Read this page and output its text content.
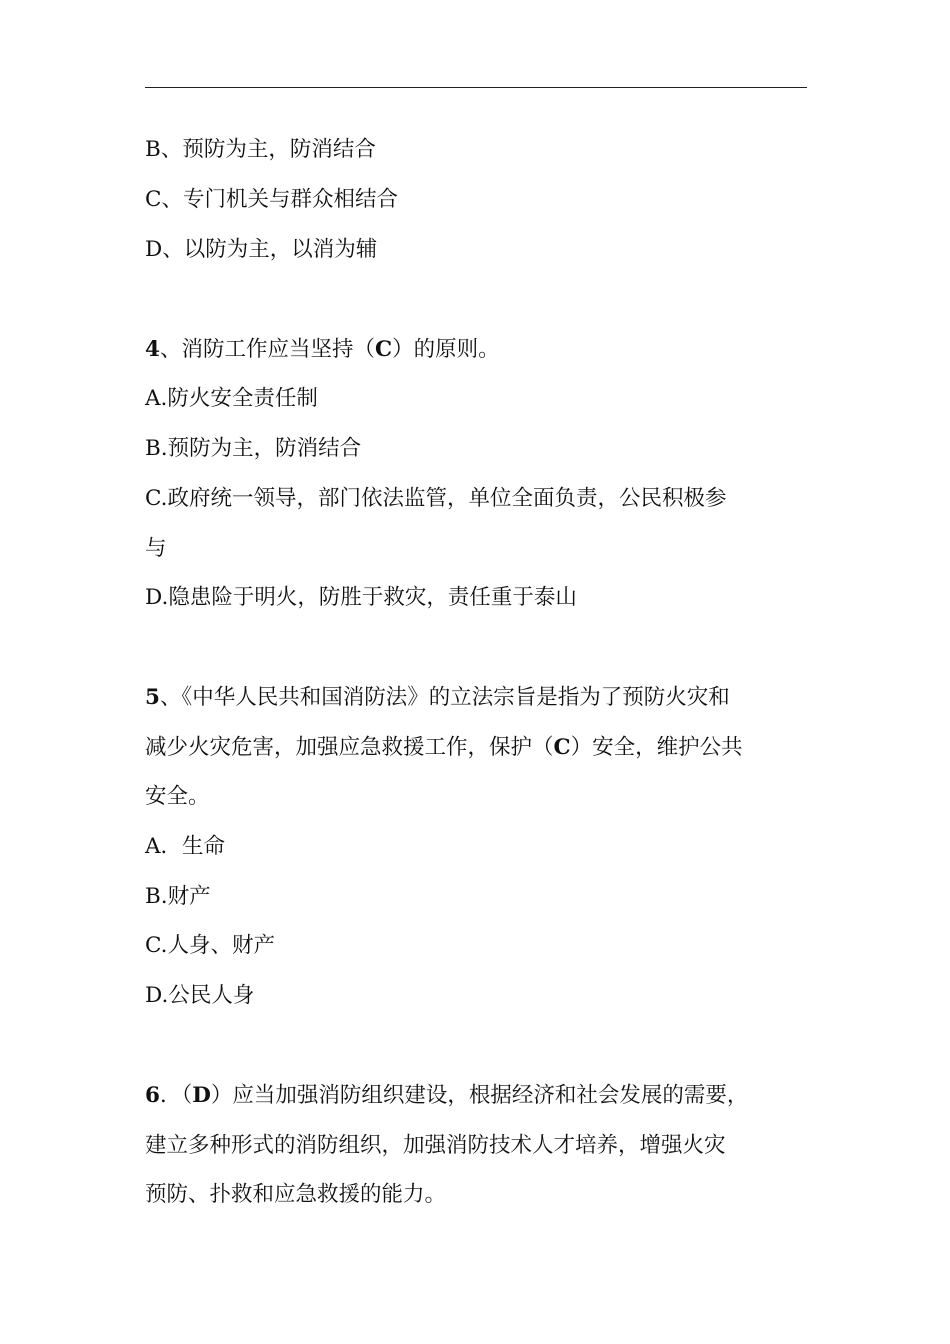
B、预防为主，防消结合
C、专门机关与群众相结合
D、以防为主，以消为辅
4、消防工作应当坚持（C）的原则。
A.防火安全责任制
B.预防为主，防消结合
C.政府统一领导，部门依法监管，单位全面负责，公民积极参
与
D.隐患险于明火，防胜于救灾，责任重于泰山
5、《中华人民共和国消防法》的立法宗旨是指为了预防火灾和
减少火灾危害，加强应急救援工作，保护（C）安全，维护公共
安全。
A．生命
B.财产
C.人身、财产
D.公民人身
6．（D）应当加强消防组织建设，根据经济和社会发展的需要，
建立多种形式的消防组织，加强消防技术人才培养，增强火灾
预防、扑救和应急救援的能力。
